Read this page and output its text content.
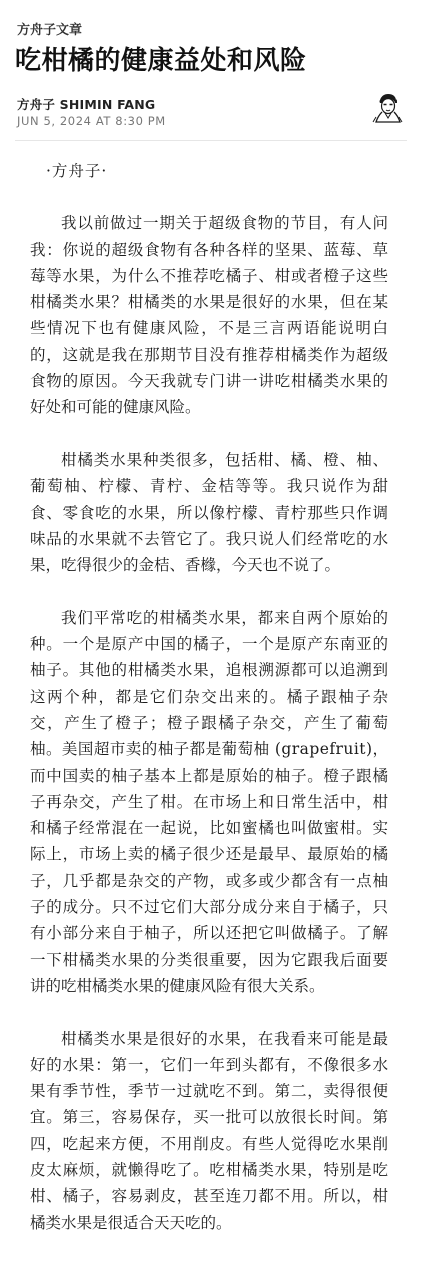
方舟子文章
吃柑橘的健康益处和风险
方舟子 SHIMIN FANG
JUN 5, 2024 AT 8:30 PM
·方舟子·
我以前做过一期关于超级食物的节目，有人问
我：你说的超级食物有各种各样的坚果、蓝莓、草
莓等水果，为什么不推荐吃橘子、柑或者橙子这些
柑橘类水果？柑橘类的水果是很好的水果，但在某
些情况下也有健康风险，不是三言两语能说明白
的，这就是我在那期节目没有推荐柑橘类作为超级
食物的原因。今天我就专门讲一讲吃柑橘类水果的
好处和可能的健康风险。
柑橘类水果种类很多，包括柑、橘、橙、柚、
葡萄柚、柠檬、青柠、金桔等等。我只说作为甜
食、零食吃的水果，所以像柠檬、青柠那些只作调
味品的水果就不去管它了。我只说人们经常吃的水
果，吃得很少的金桔、香橼，今天也不说了。
我们平常吃的柑橘类水果，都来自两个原始的
种。一个是原产中国的橘子，一个是原产东南亚的
柚子。其他的柑橘类水果，追根溯源都可以追溯到
这两个种，都是它们杂交出来的。橘子跟柚子杂
交，产生了橙子；橙子跟橘子杂交，产生了葡萄
柚。美国超市卖的柚子都是葡萄柚 (grapefruit)，
而中国卖的柚子基本上都是原始的柚子。橙子跟橘
子再杂交，产生了柑。在市场上和日常生活中，柑
和橘子经常混在一起说，比如蜜橘也叫做蜜柑。实
际上，市场上卖的橘子很少还是最早、最原始的橘
子，几乎都是杂交的产物，或多或少都含有一点柚
子的成分。只不过它们大部分成分来自于橘子，只
有小部分来自于柚子，所以还把它叫做橘子。了解
一下柑橘类水果的分类很重要，因为它跟我后面要
讲的吃柑橘类水果的健康风险有很大关系。
柑橘类水果是很好的水果，在我看来可能是最
好的水果：第一，它们一年到头都有，不像很多水
果有季节性，季节一过就吃不到。第二，卖得很便
宜。第三，容易保存，买一批可以放很长时间。第
四，吃起来方便，不用削皮。有些人觉得吃水果削
皮太麻烦，就懒得吃了。吃柑橘类水果，特别是吃
柑、橘子，容易剥皮，甚至连刀都不用。所以，柑
橘类水果是很适合天天吃的。
